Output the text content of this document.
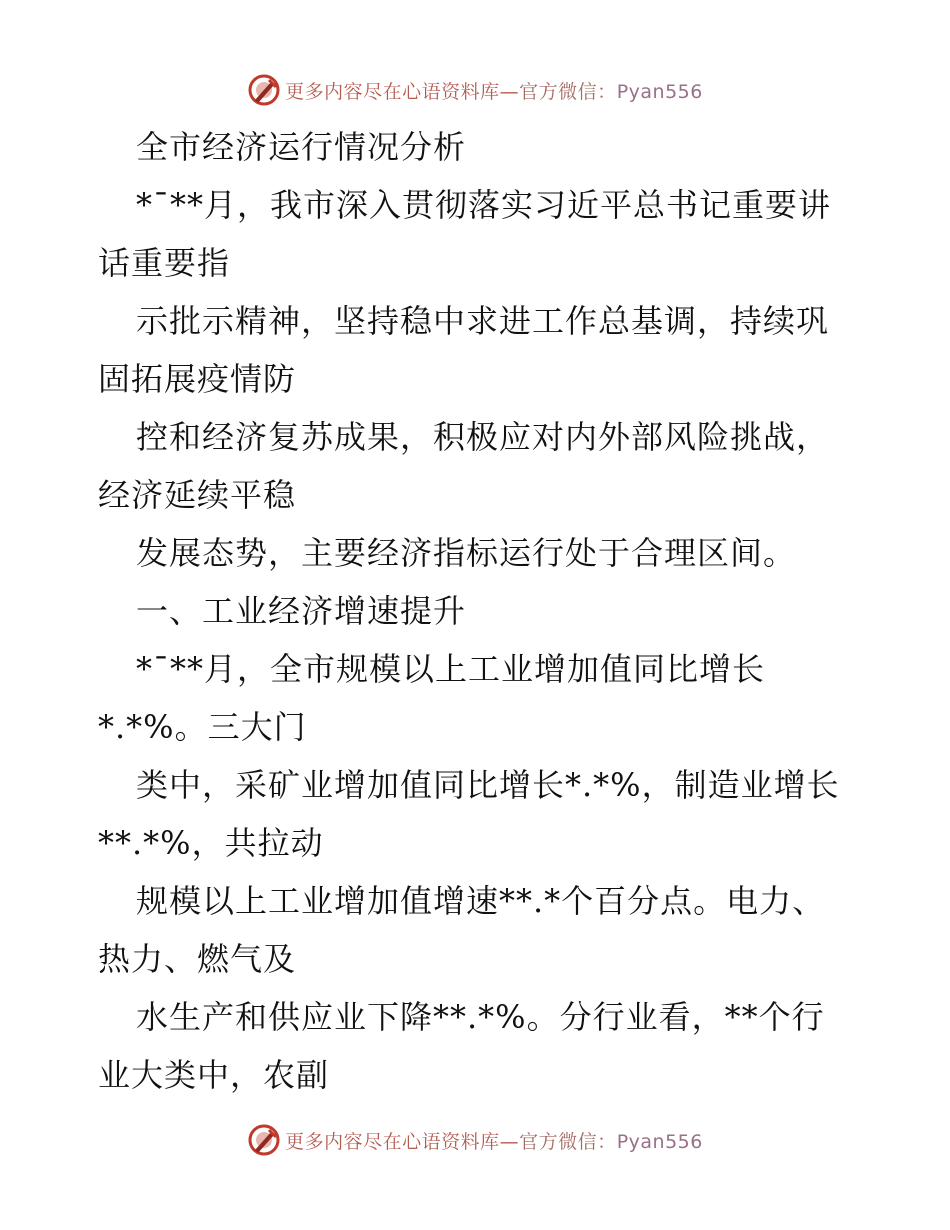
更多内容尽在心语资料库—官方微信：Pyan556
全市经济运行情况分析
*¯**月，我市深入贯彻落实习近平总书记重要讲
话重要指
示批示精神，坚持稳中求进工作总基调，持续巩
固拓展疫情防
控和经济复苏成果，积极应对内外部风险挑战，
经济延续平稳
发展态势，主要经济指标运行处于合理区间。
一、工业经济增速提升
*¯**月，全市规模以上工业增加值同比增长
*.*%。三大门
类中，采矿业增加值同比增长*.*%，制造业增长
**.*%，共拉动
规模以上工业增加值增速**.*个百分点。电力、
热力、燃气及
水生产和供应业下降**.*%。分行业看，**个行
业大类中，农副
更多内容尽在心语资料库—官方微信：Pyan556
